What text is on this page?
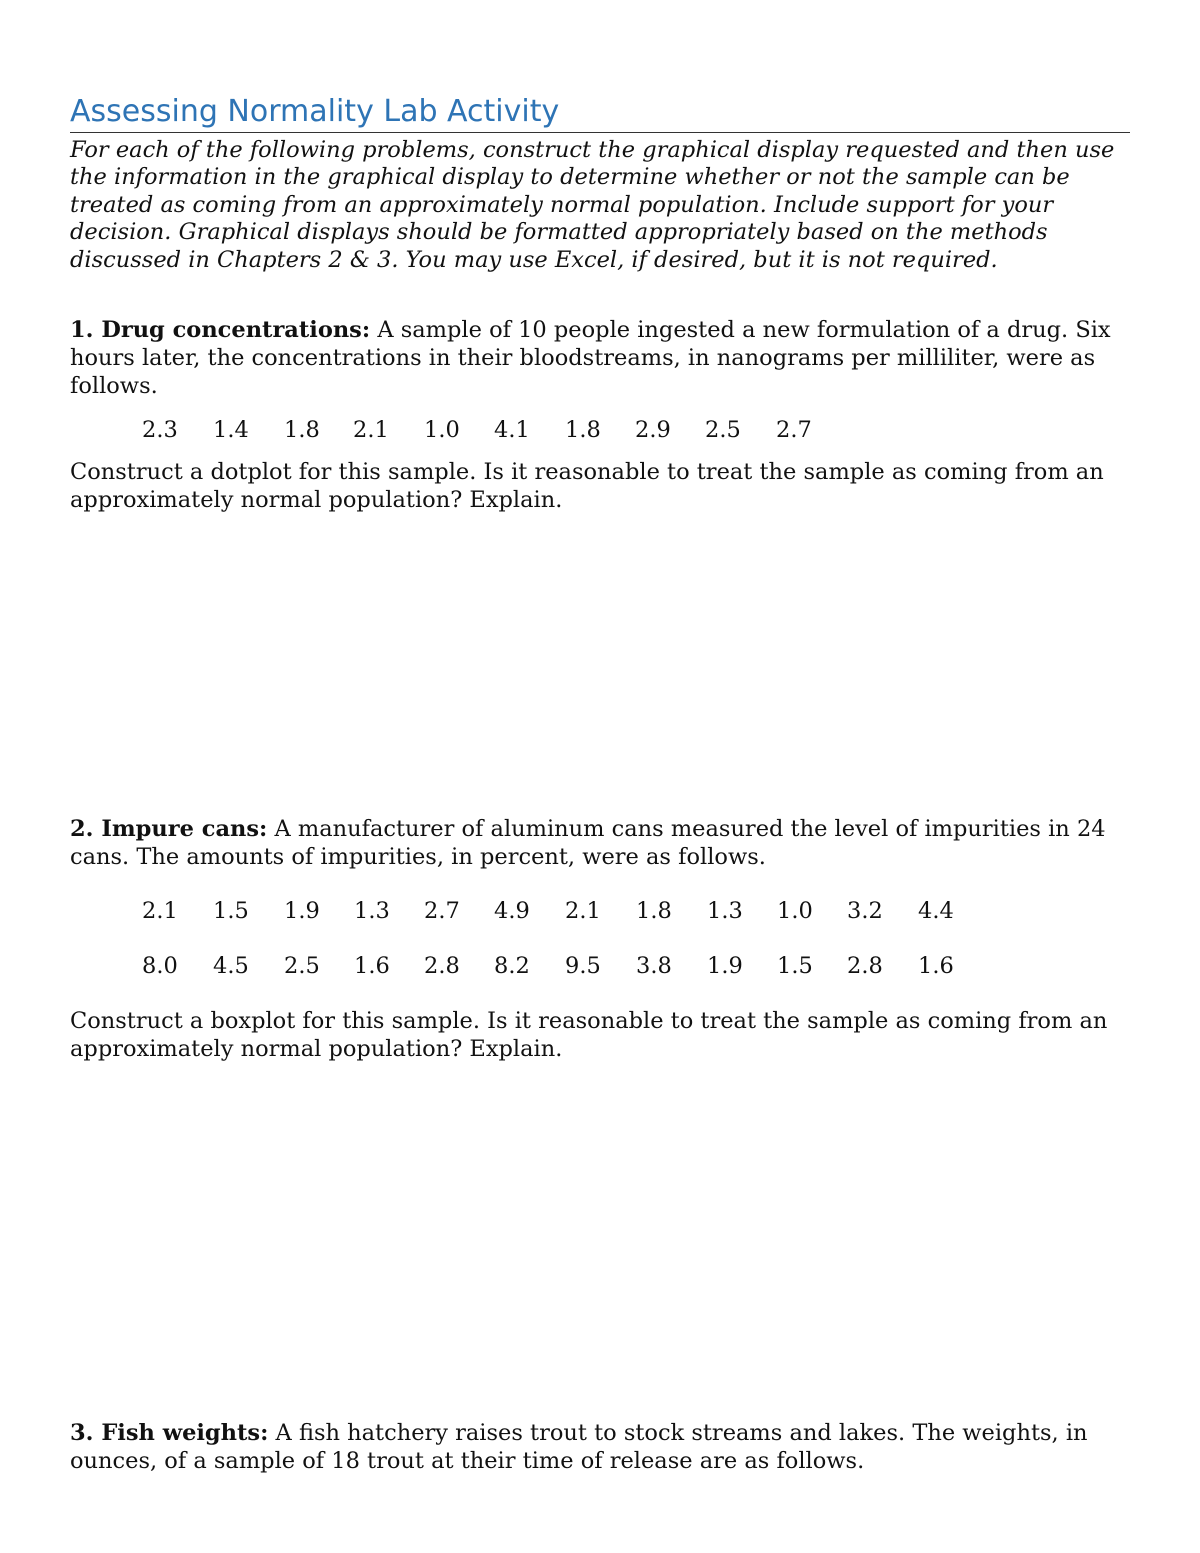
Assessing Normality Lab Activity

For each of the following problems, construct the graphical display requested and then use the information in the graphical display to determine whether or not the sample can be treated as coming from an approximately normal population. Include support for your decision. Graphical displays should be formatted appropriately based on the methods discussed in Chapters 2 & 3. You may use Excel, if desired, but it is not required.

1. Drug concentrations: A sample of 10 people ingested a new formulation of a drug. Six hours later, the concentrations in their bloodstreams, in nanograms per milliliter, were as follows.

2.3 1.4 1.8 2.1 1.0 4.1 1.8 2.9 2.5 2.7

Construct a dotplot for this sample. Is it reasonable to treat the sample as coming from an approximately normal population? Explain.

2. Impure cans: A manufacturer of aluminum cans measured the level of impurities in 24 cans. The amounts of impurities, in percent, were as follows.

2.1 1.5 1.9 1.3 2.7 4.9 2.1 1.8 1.3 1.0 3.2 4.4
8.0 4.5 2.5 1.6 2.8 8.2 9.5 3.8 1.9 1.5 2.8 1.6

Construct a boxplot for this sample. Is it reasonable to treat the sample as coming from an approximately normal population? Explain.

3. Fish weights: A fish hatchery raises trout to stock streams and lakes. The weights, in ounces, of a sample of 18 trout at their time of release are as follows.
